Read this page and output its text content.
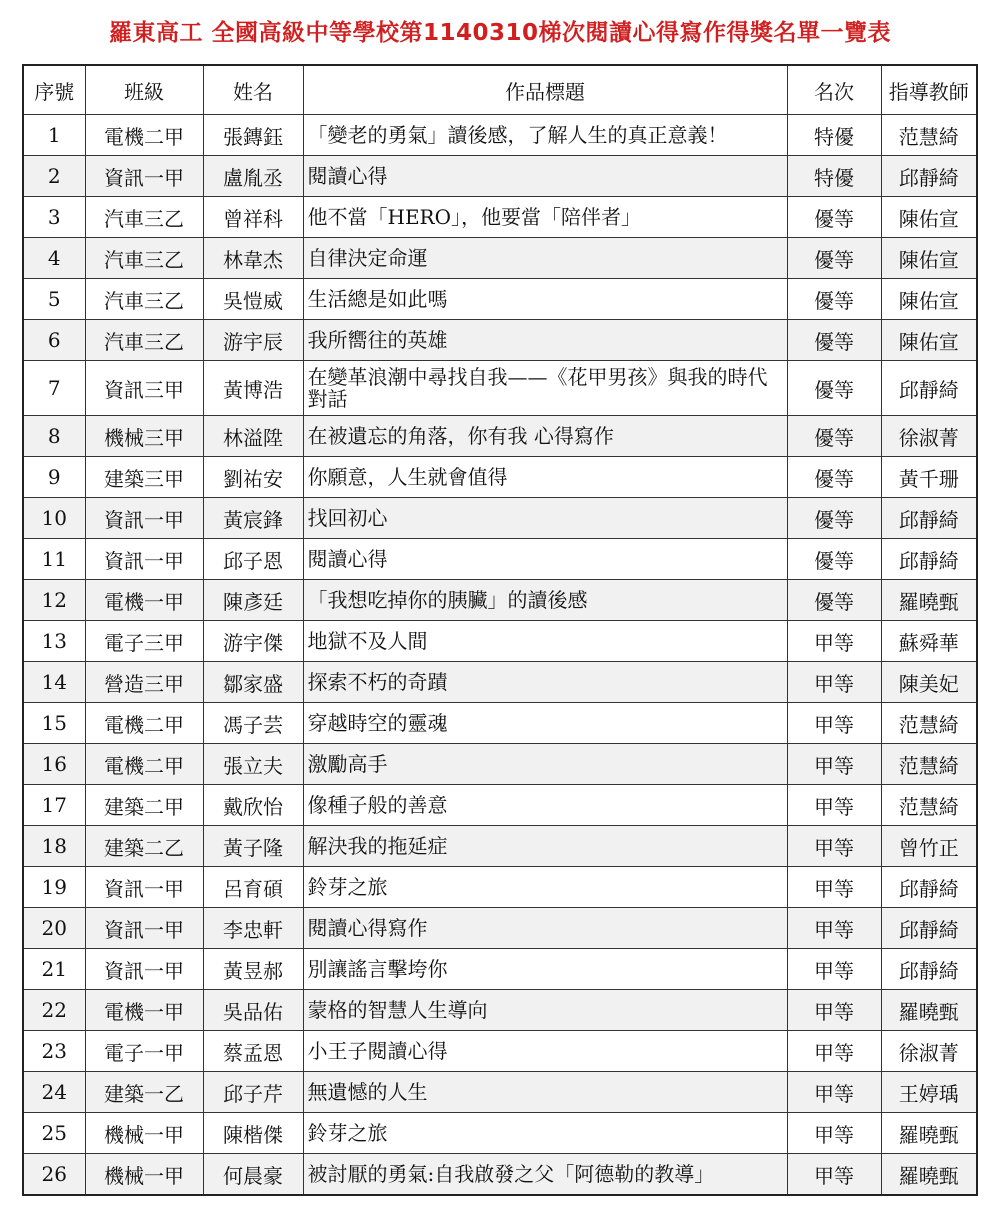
羅東高工 全國高級中等學校第1140310梯次閱讀心得寫作得獎名單一覽表
序號	班級	姓名	作品標題	名次	指導教師
1	電機二甲	張鏄鈺	「變老的勇氣」讀後感，了解人生的真正意義！	特優	范慧綺
2	資訊一甲	盧胤丞	閱讀心得	特優	邱靜綺
3	汽車三乙	曾祥科	他不當「HERO」，他要當「陪伴者」	優等	陳佑宣
4	汽車三乙	林韋杰	自律決定命運	優等	陳佑宣
5	汽車三乙	吳愷威	生活總是如此嗎	優等	陳佑宣
6	汽車三乙	游宇辰	我所嚮往的英雄	優等	陳佑宣
7	資訊三甲	黃博浩	在變革浪潮中尋找自我——《花甲男孩》與我的時代對話	優等	邱靜綺
8	機械三甲	林溢陞	在被遺忘的角落，你有我 心得寫作	優等	徐淑菁
9	建築三甲	劉祐安	你願意，人生就會值得	優等	黃千珊
10	資訊一甲	黃宸鋒	找回初心	優等	邱靜綺
11	資訊一甲	邱子恩	閱讀心得	優等	邱靜綺
12	電機一甲	陳彥廷	「我想吃掉你的胰臟」的讀後感	優等	羅曉甄
13	電子三甲	游宇傑	地獄不及人間	甲等	蘇舜華
14	營造三甲	鄒家盛	探索不朽的奇蹟	甲等	陳美妃
15	電機二甲	馮子芸	穿越時空的靈魂	甲等	范慧綺
16	電機二甲	張立夫	激勵高手	甲等	范慧綺
17	建築二甲	戴欣怡	像種子般的善意	甲等	范慧綺
18	建築二乙	黃子隆	解決我的拖延症	甲等	曾竹正
19	資訊一甲	呂育碩	鈴芽之旅	甲等	邱靜綺
20	資訊一甲	李忠軒	閱讀心得寫作	甲等	邱靜綺
21	資訊一甲	黃昱郝	別讓謠言擊垮你	甲等	邱靜綺
22	電機一甲	吳品佑	蒙格的智慧人生導向	甲等	羅曉甄
23	電子一甲	蔡孟恩	小王子閱讀心得	甲等	徐淑菁
24	建築一乙	邱子芹	無遺憾的人生	甲等	王婷瑀
25	機械一甲	陳楷傑	鈴芽之旅	甲等	羅曉甄
26	機械一甲	何晨豪	被討厭的勇氣:自我啟發之父「阿德勒的教導」	甲等	羅曉甄
